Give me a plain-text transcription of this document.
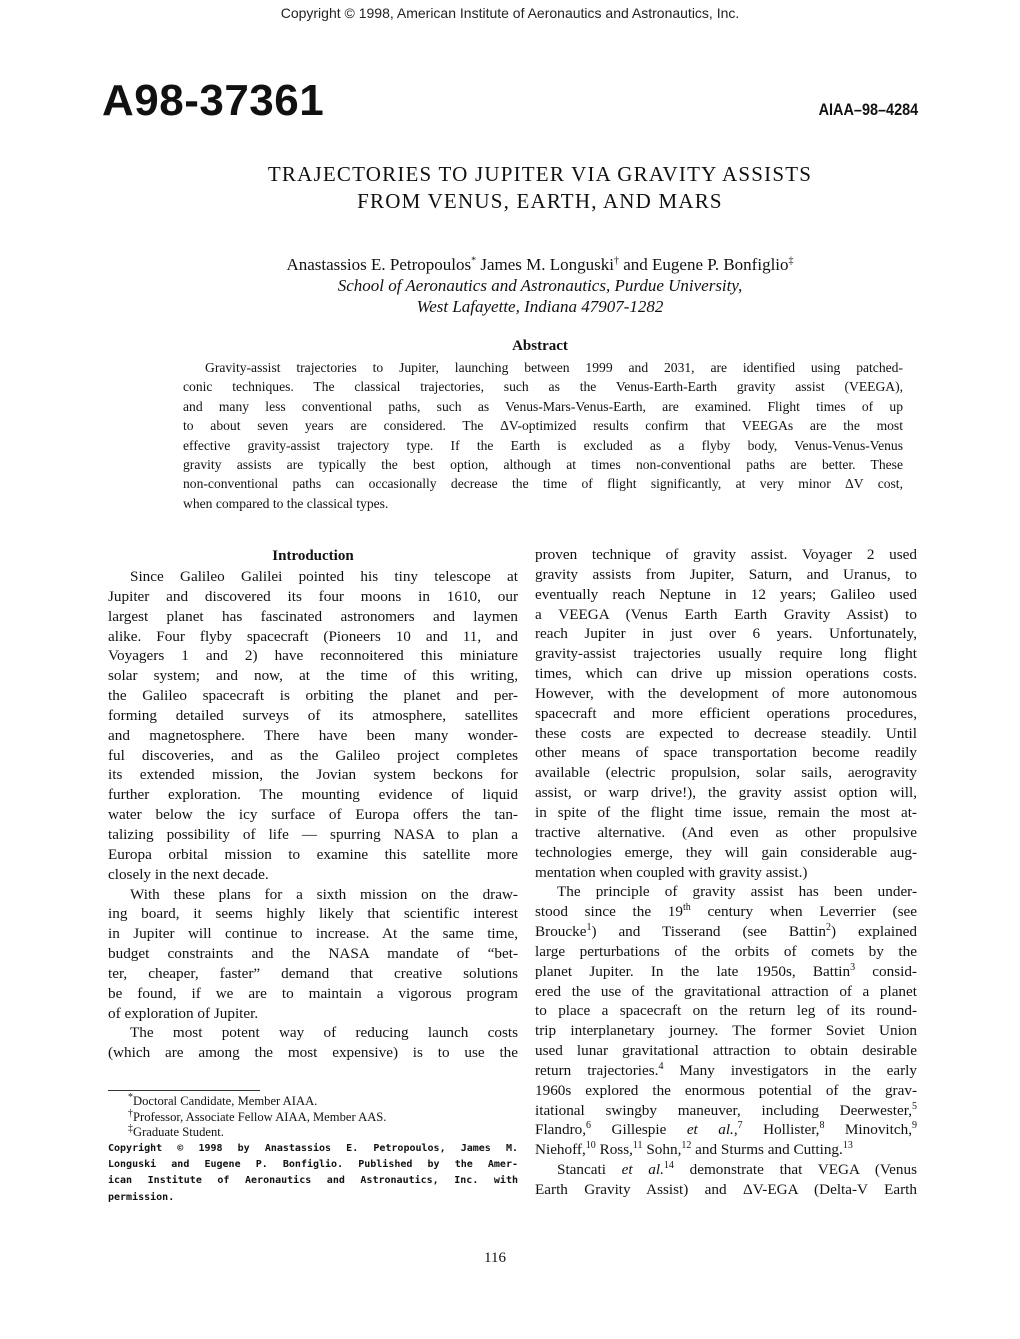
Copyright © 1998, American Institute of Aeronautics and Astronautics, Inc.
A98-37361	AIAA–98–4284
TRAJECTORIES TO JUPITER VIA GRAVITY ASSISTS
FROM VENUS, EARTH, AND MARS
Anastassios E. Petropoulos* James M. Longuski† and Eugene P. Bonfiglio‡
School of Aeronautics and Astronautics, Purdue University,
West Lafayette, Indiana 47907-1282
Abstract
Gravity-assist trajectories to Jupiter, launching between 1999 and 2031, are identified using patched-
conic techniques. The classical trajectories, such as the Venus-Earth-Earth gravity assist (VEEGA),
and many less conventional paths, such as Venus-Mars-Venus-Earth, are examined. Flight times of up
to about seven years are considered. The ΔV-optimized results confirm that VEEGAs are the most
effective gravity-assist trajectory type. If the Earth is excluded as a flyby body, Venus-Venus-Venus
gravity assists are typically the best option, although at times non-conventional paths are better. These
non-conventional paths can occasionally decrease the time of flight significantly, at very minor ΔV cost,
when compared to the classical types.
Introduction
Since Galileo Galilei pointed his tiny telescope at
Jupiter and discovered its four moons in 1610, our
largest planet has fascinated astronomers and laymen
alike. Four flyby spacecraft (Pioneers 10 and 11, and
Voyagers 1 and 2) have reconnoitered this miniature
solar system; and now, at the time of this writing,
the Galileo spacecraft is orbiting the planet and per-
forming detailed surveys of its atmosphere, satellites
and magnetosphere. There have been many wonder-
ful discoveries, and as the Galileo project completes
its extended mission, the Jovian system beckons for
further exploration. The mounting evidence of liquid
water below the icy surface of Europa offers the tan-
talizing possibility of life — spurring NASA to plan a
Europa orbital mission to examine this satellite more
closely in the next decade.
With these plans for a sixth mission on the draw-
ing board, it seems highly likely that scientific interest
in Jupiter will continue to increase. At the same time,
budget constraints and the NASA mandate of “bet-
ter, cheaper, faster” demand that creative solutions
be found, if we are to maintain a vigorous program
of exploration of Jupiter.
The most potent way of reducing launch costs
(which are among the most expensive) is to use the
proven technique of gravity assist. Voyager 2 used
gravity assists from Jupiter, Saturn, and Uranus, to
eventually reach Neptune in 12 years; Galileo used
a VEEGA (Venus Earth Earth Gravity Assist) to
reach Jupiter in just over 6 years. Unfortunately,
gravity-assist trajectories usually require long flight
times, which can drive up mission operations costs.
However, with the development of more autonomous
spacecraft and more efficient operations procedures,
these costs are expected to decrease steadily. Until
other means of space transportation become readily
available (electric propulsion, solar sails, aerogravity
assist, or warp drive!), the gravity assist option will,
in spite of the flight time issue, remain the most at-
tractive alternative. (And even as other propulsive
technologies emerge, they will gain considerable aug-
mentation when coupled with gravity assist.)
The principle of gravity assist has been under-
stood since the 19th century when Leverrier (see
Broucke$^1$) and Tisserand (see Battin$^2$) explained
large perturbations of the orbits of comets by the
planet Jupiter. In the late 1950s, Battin$^3$ consid-
ered the use of the gravitational attraction of a planet
to place a spacecraft on the return leg of its round-
trip interplanetary journey. The former Soviet Union
used lunar gravitational attraction to obtain desirable
return trajectories.$^4$ Many investigators in the early
1960s explored the enormous potential of the grav-
itational swingby maneuver, including Deerwester,$^5$
Flandro,$^6$ Gillespie et al.,$^7$ Hollister,$^8$ Minovitch,$^9$
Niehoff,$^{10}$ Ross,$^{11}$ Sohn,$^{12}$ and Sturms and Cutting.$^{13}$
Stancati et al.$^{14}$ demonstrate that VEGA (Venus
Earth Gravity Assist) and ΔV-EGA (Delta-V Earth
*Doctoral Candidate, Member AIAA.
†Professor, Associate Fellow AIAA, Member AAS.
‡Graduate Student.
Copyright © 1998 by Anastassios E. Petropoulos, James M.
Longuski and Eugene P. Bonfiglio. Published by the Amer-
ican Institute of Aeronautics and Astronautics, Inc. with
permission.
116
